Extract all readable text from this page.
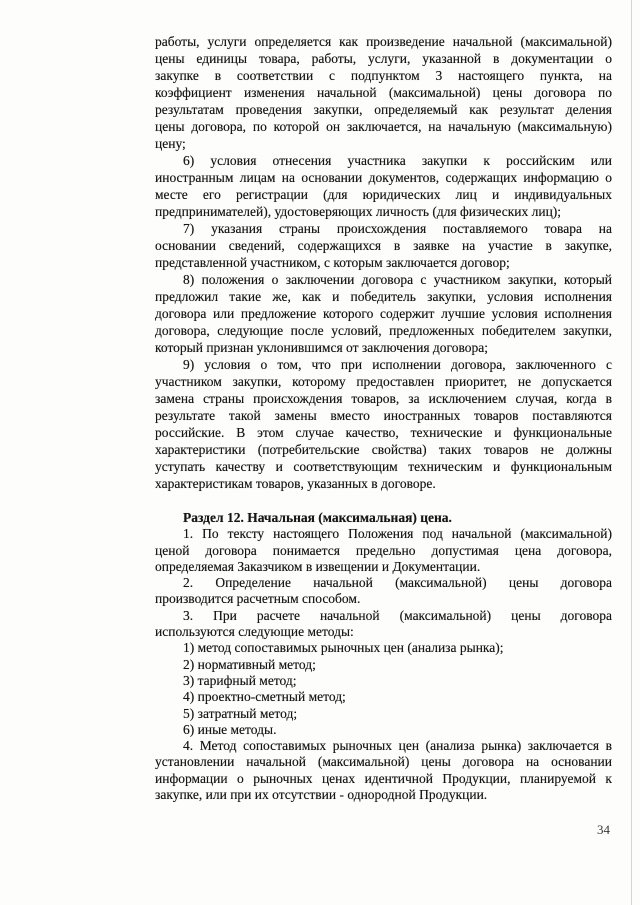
работы, услуги определяется как произведение начальной (максимальной)
цены единицы товара, работы, услуги, указанной в документации о
закупке в соответствии с подпунктом 3 настоящего пункта, на
коэффициент изменения начальной (максимальной) цены договора по
результатам проведения закупки, определяемый как результат деления
цены договора, по которой он заключается, на начальную (максимальную)
цену;
6) условия отнесения участника закупки к российским или
иностранным лицам на основании документов, содержащих информацию о
месте его регистрации (для юридических лиц и индивидуальных
предпринимателей), удостоверяющих личность (для физических лиц);
7) указания страны происхождения поставляемого товара на
основании сведений, содержащихся в заявке на участие в закупке,
представленной участником, с которым заключается договор;
8) положения о заключении договора с участником закупки, который
предложил такие же, как и победитель закупки, условия исполнения
договора или предложение которого содержит лучшие условия исполнения
договора, следующие после условий, предложенных победителем закупки,
который признан уклонившимся от заключения договора;
9) условия о том, что при исполнении договора, заключенного с
участником закупки, которому предоставлен приоритет, не допускается
замена страны происхождения товаров, за исключением случая, когда в
результате такой замены вместо иностранных товаров поставляются
российские. В этом случае качество, технические и функциональные
характеристики (потребительские свойства) таких товаров не должны
уступать качеству и соответствующим техническим и функциональным
характеристикам товаров, указанных в договоре.
Раздел 12. Начальная (максимальная) цена.
1. По тексту настоящего Положения под начальной (максимальной)
ценой договора понимается предельно допустимая цена договора,
определяемая Заказчиком в извещении и Документации.
2. Определение начальной (максимальной) цены договора
производится расчетным способом.
3. При расчете начальной (максимальной) цены договора
используются следующие методы:
1) метод сопоставимых рыночных цен (анализа рынка);
2) нормативный метод;
3) тарифный метод;
4) проектно-сметный метод;
5) затратный метод;
6) иные методы.
4. Метод сопоставимых рыночных цен (анализа рынка) заключается в
установлении начальной (максимальной) цены договора на основании
информации о рыночных ценах идентичной Продукции, планируемой к
закупке, или при их отсутствии - однородной Продукции.
34
